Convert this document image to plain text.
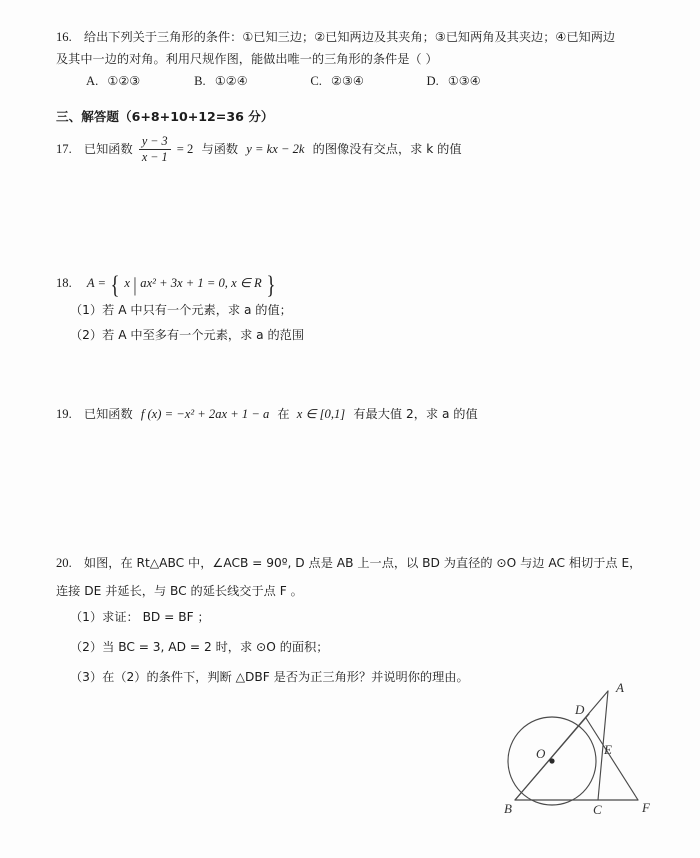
16. 给出下列关于三角形的条件：①已知三边；②已知两边及其夹角；③已知两角及其夹边；④已知两边
及其中一边的对角。利用尺规作图，能做出唯一的三角形的条件是（ ）
A. ①②③	B. ①②④	C. ②③④	D. ①③④
三、解答题（6+8+10+12=36 分）
17. 已知函数 $\frac{y - 3}{x - 1} = 2$ 与函数 y = kx − 2k 的图像没有交点，求 k 的值
18. A = { x | ax² + 3x + 1 = 0, x ∈ R }
（1）若 A 中只有一个元素，求 a 的值；
（2）若 A 中至多有一个元素，求 a 的范围
19. 已知函数 f (x) = −x² + 2ax + 1 − a 在 x ∈ [0,1] 有最大值 2，求 a 的值
20. 如图，在 Rt△ABC 中，∠ACB = 90º, D 点是 AB 上一点，以 BD 为直径的 ⊙O 与边 AC 相切于点 E，
连接 DE 并延长，与 BC 的延长线交于点 F 。
（1）求证： BD = BF ；
（2）当 BC = 3, AD = 2 时，求 ⊙O 的面积；
（3）在（2）的条件下，判断 △DBF 是否为正三角形？并说明你的理由。
A
B	C
D
E
F
O
